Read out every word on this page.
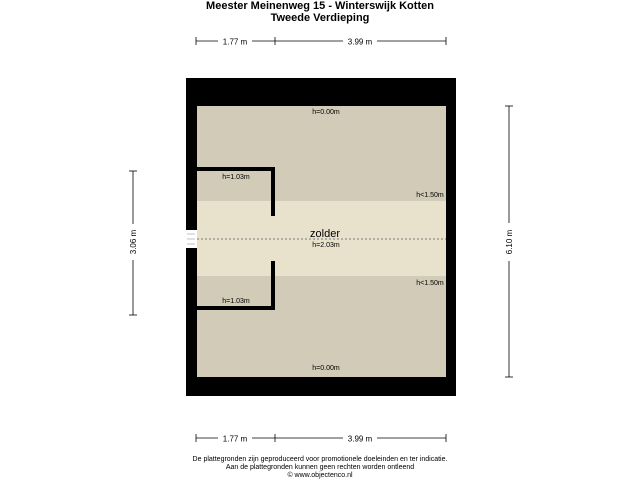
Meester Meinenweg 15 - Winterswijk Kotten
Tweede Verdieping
1.77 m	3.99 m
1.77 m	3.99 m
3.06 m	6.10 m
h=0.00m
h=1.03m
h<1.50m
zolder
h=2.03m
h<1.50m
h=1.03m
h=0.00m
De plattegronden zijn geproduceerd voor promotionele doeleinden en ter indicatie.
Aan de plattegronden kunnen geen rechten worden ontleend
© www.objectenco.nl
